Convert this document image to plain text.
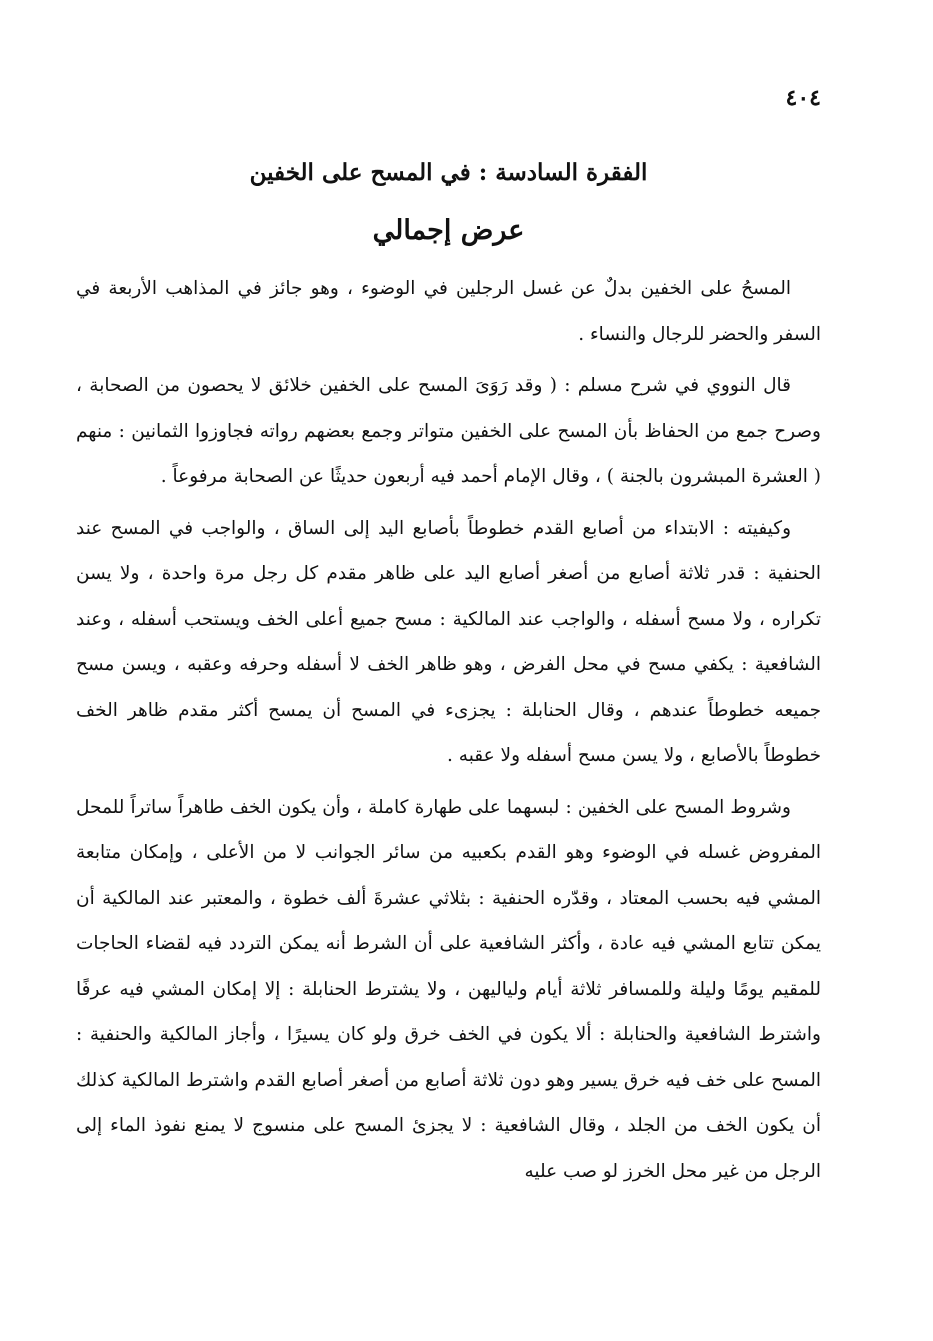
٤٠٤
الفقرة السادسة : في المسح على الخفين
عرض إجمالي

المسحُ على الخفين بدلٌ عن غسل الرجلين في الوضوء ، وهو جائز في المذاهب الأربعة في السفر والحضر للرجال والنساء .

قال النووي في شرح مسلم : ( وقد رَوَىَ المسح على الخفين خلائق لا يحصون من الصحابة ، وصرح جمع من الحفاظ بأن المسح على الخفين متواتر وجمع بعضهم رواته فجاوزوا الثمانين : منهم ( العشرة المبشرون بالجنة ) ، وقال الإمام أحمد فيه أربعون حديثًا عن الصحابة مرفوعاً .

وكيفيته : الابتداء من أصابع القدم خطوطاً بأصابع اليد إلى الساق ، والواجب في المسح عند الحنفية : قدر ثلاثة أصابع من أصغر أصابع اليد على ظاهر مقدم كل رجل مرة واحدة ، ولا يسن تكراره ، ولا مسح أسفله ، والواجب عند المالكية : مسح جميع أعلى الخف ويستحب أسفله ، وعند الشافعية : يكفي مسح في محل الفرض ، وهو ظاهر الخف لا أسفله وحرفه وعقبه ، ويسن مسح جميعه خطوطاً عندهم ، وقال الحنابلة : يجزىء في المسح أن يمسح أكثر مقدم ظاهر الخف خطوطاً بالأصابع ، ولا يسن مسح أسفله ولا عقبه .

وشروط المسح على الخفين : لبسهما على طهارة كاملة ، وأن يكون الخف طاهراً ساتراً للمحل المفروض غسله في الوضوء وهو القدم بكعبيه من سائر الجوانب لا من الأعلى ، وإمكان متابعة المشي فيه بحسب المعتاد ، وقدّره الحنفية : بثلاثي عشرةَ ألف خطوة ، والمعتبر عند المالكية أن يمكن تتابع المشي فيه عادة ، وأكثر الشافعية على أن الشرط أنه يمكن التردد فيه لقضاء الحاجات للمقيم يومًا وليلة وللمسافر ثلاثة أيام ولياليهن ، ولا يشترط الحنابلة : إلا إمكان المشي فيه عرفًا واشترط الشافعية والحنابلة : ألا يكون في الخف خرق ولو كان يسيرًا ، وأجاز المالكية والحنفية : المسح على خف فيه خرق يسير وهو دون ثلاثة أصابع من أصغر أصابع القدم واشترط المالكية كذلك أن يكون الخف من الجلد ، وقال الشافعية : لا يجزئ المسح على منسوج لا يمنع نفوذ الماء إلى الرجل من غير محل الخرز لو صب عليه
